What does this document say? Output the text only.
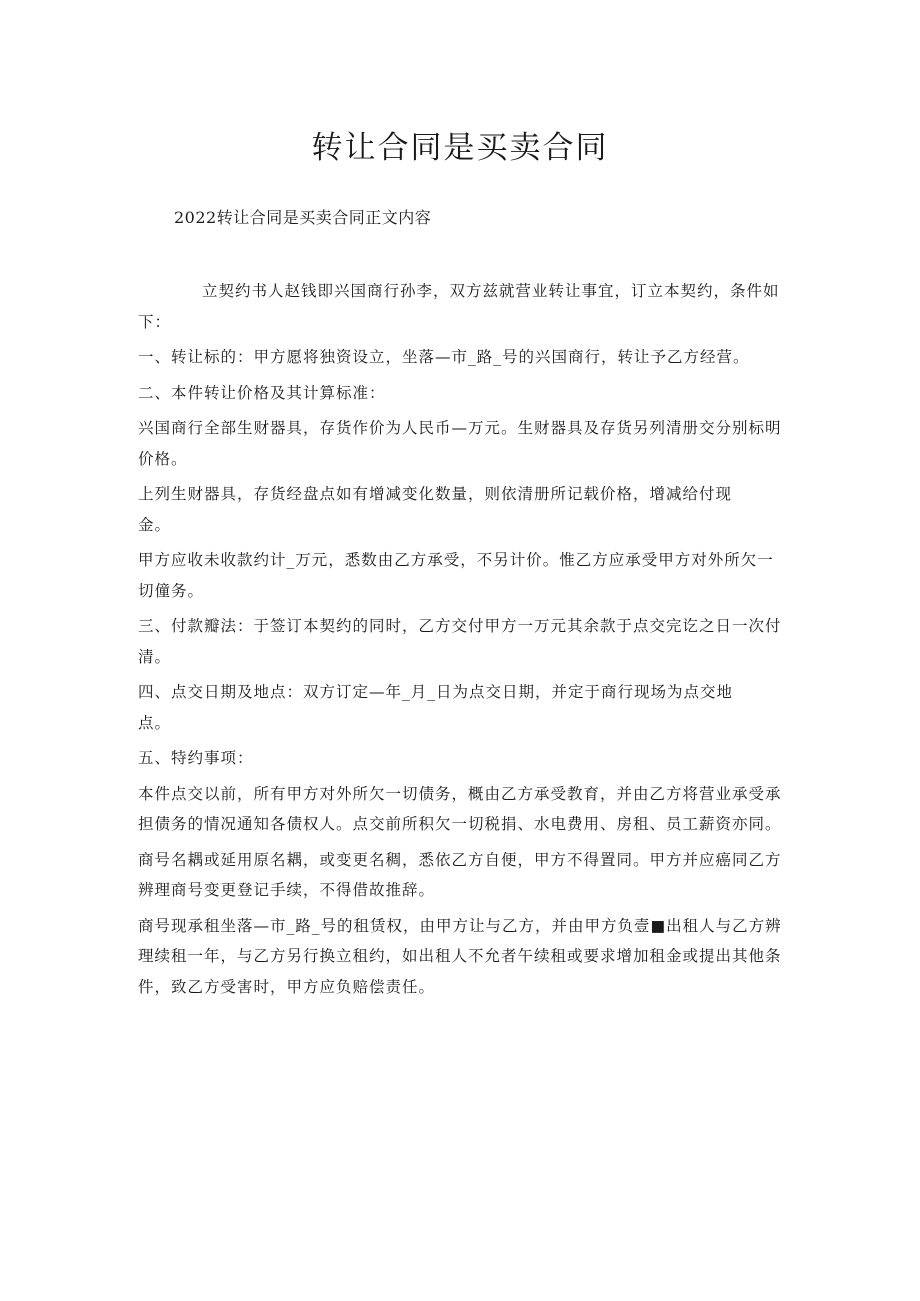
转让合同是买卖合同
2022转让合同是买卖合同正文内容

立契约书人赵钱即兴国商行孙李，双方兹就营业转让事宜，订立本契约，条件如下：

一、转让标的：甲方愿将独资设立，坐落—市_路_号的兴国商行，转让予乙方经营。

二、本件转让价格及其计算标准：

兴国商行全部生财器具，存货作价为人民币—万元。生财器具及存货另列清册交分别标明价格。

上列生财器具，存货经盘点如有增减变化数量，则依清册所记载价格，增减给付现金。

甲方应收未收款约计_万元，悉数由乙方承受，不另计价。惟乙方应承受甲方对外所欠一切僮务。

三、付款瓣法：于签订本契约的同时，乙方交付甲方一万元其余款于点交完讫之日一次付清。

四、点交日期及地点：双方订定—年_月_日为点交日期，并定于商行现场为点交地点。

五、特约事项：

本件点交以前，所有甲方对外所欠一切债务，概由乙方承受教育，并由乙方将营业承受承担债务的情况通知各债权人。点交前所积欠一切税捐、水电费用、房租、员工薪资亦同。

商号名耦或延用原名耦，或变更名稠，悉依乙方自便，甲方不得置同。甲方并应癌同乙方辨理商号变更登记手续，不得借故推辞。

商号现承租坐落—市_路_号的租赁权，由甲方让与乙方，并由甲方负壹■出租人与乙方辨理续租一年，与乙方另行换立租约，如出租人不允者午续租或要求增加租金或提出其他条件，致乙方受害时，甲方应负赔偿责任。
